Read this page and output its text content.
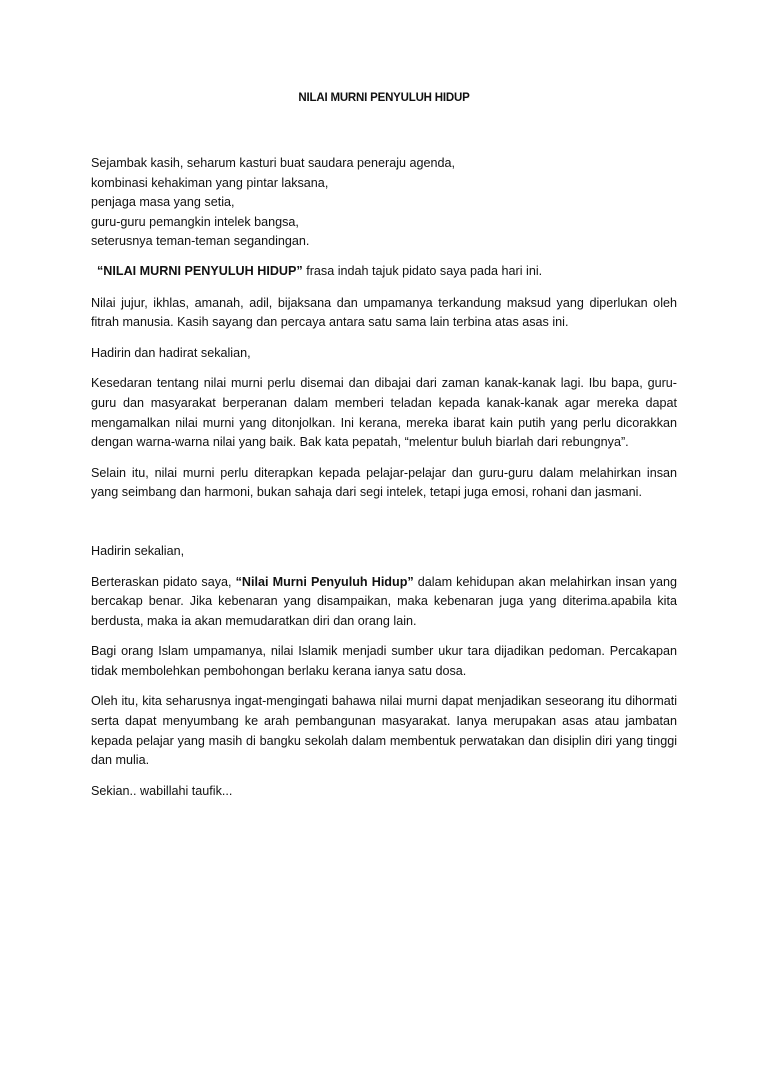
NILAI MURNI PENYULUH HIDUP

Sejambak kasih, seharum kasturi buat saudara peneraju agenda,

kombinasi kehakiman yang pintar laksana,

penjaga masa yang setia,

guru-guru pemangkin intelek bangsa,

seterusnya teman-teman segandingan.

“NILAI MURNI PENYULUH HIDUP” frasa indah tajuk pidato saya pada hari ini.

Nilai jujur, ikhlas, amanah, adil, bijaksana dan umpamanya terkandung maksud yang diperlukan oleh fitrah manusia. Kasih sayang dan percaya antara satu sama lain terbina atas asas ini.

Hadirin dan hadirat sekalian,

Kesedaran tentang nilai murni perlu disemai dan dibajai dari zaman kanak-kanak lagi. Ibu bapa, guru-guru dan masyarakat berperanan dalam memberi teladan kepada kanak-kanak agar mereka dapat mengamalkan nilai murni yang ditonjolkan. Ini kerana, mereka ibarat kain putih yang perlu dicorakkan dengan warna-warna nilai yang baik. Bak kata pepatah, “melentur buluh biarlah dari rebungnya”.

Selain itu, nilai murni perlu diterapkan kepada pelajar-pelajar dan guru-guru dalam melahirkan insan yang seimbang dan harmoni, bukan sahaja dari segi intelek, tetapi juga emosi, rohani dan jasmani.

Hadirin sekalian,

Berteraskan pidato saya, “Nilai Murni Penyuluh Hidup” dalam kehidupan akan melahirkan insan yang bercakap benar. Jika kebenaran yang disampaikan, maka kebenaran juga yang diterima.apabila kita berdusta, maka ia akan memudaratkan diri dan orang lain.

Bagi orang Islam umpamanya, nilai Islamik menjadi sumber ukur tara dijadikan pedoman. Percakapan tidak membolehkan pembohongan berlaku kerana ianya satu dosa.

Oleh itu, kita seharusnya ingat-mengingati bahawa nilai murni dapat menjadikan seseorang itu dihormati serta dapat menyumbang ke arah pembangunan masyarakat. Ianya merupakan asas atau jambatan kepada pelajar yang masih di bangku sekolah dalam membentuk perwatakan dan disiplin diri yang tinggi dan mulia.

Sekian.. wabillahi taufik...
